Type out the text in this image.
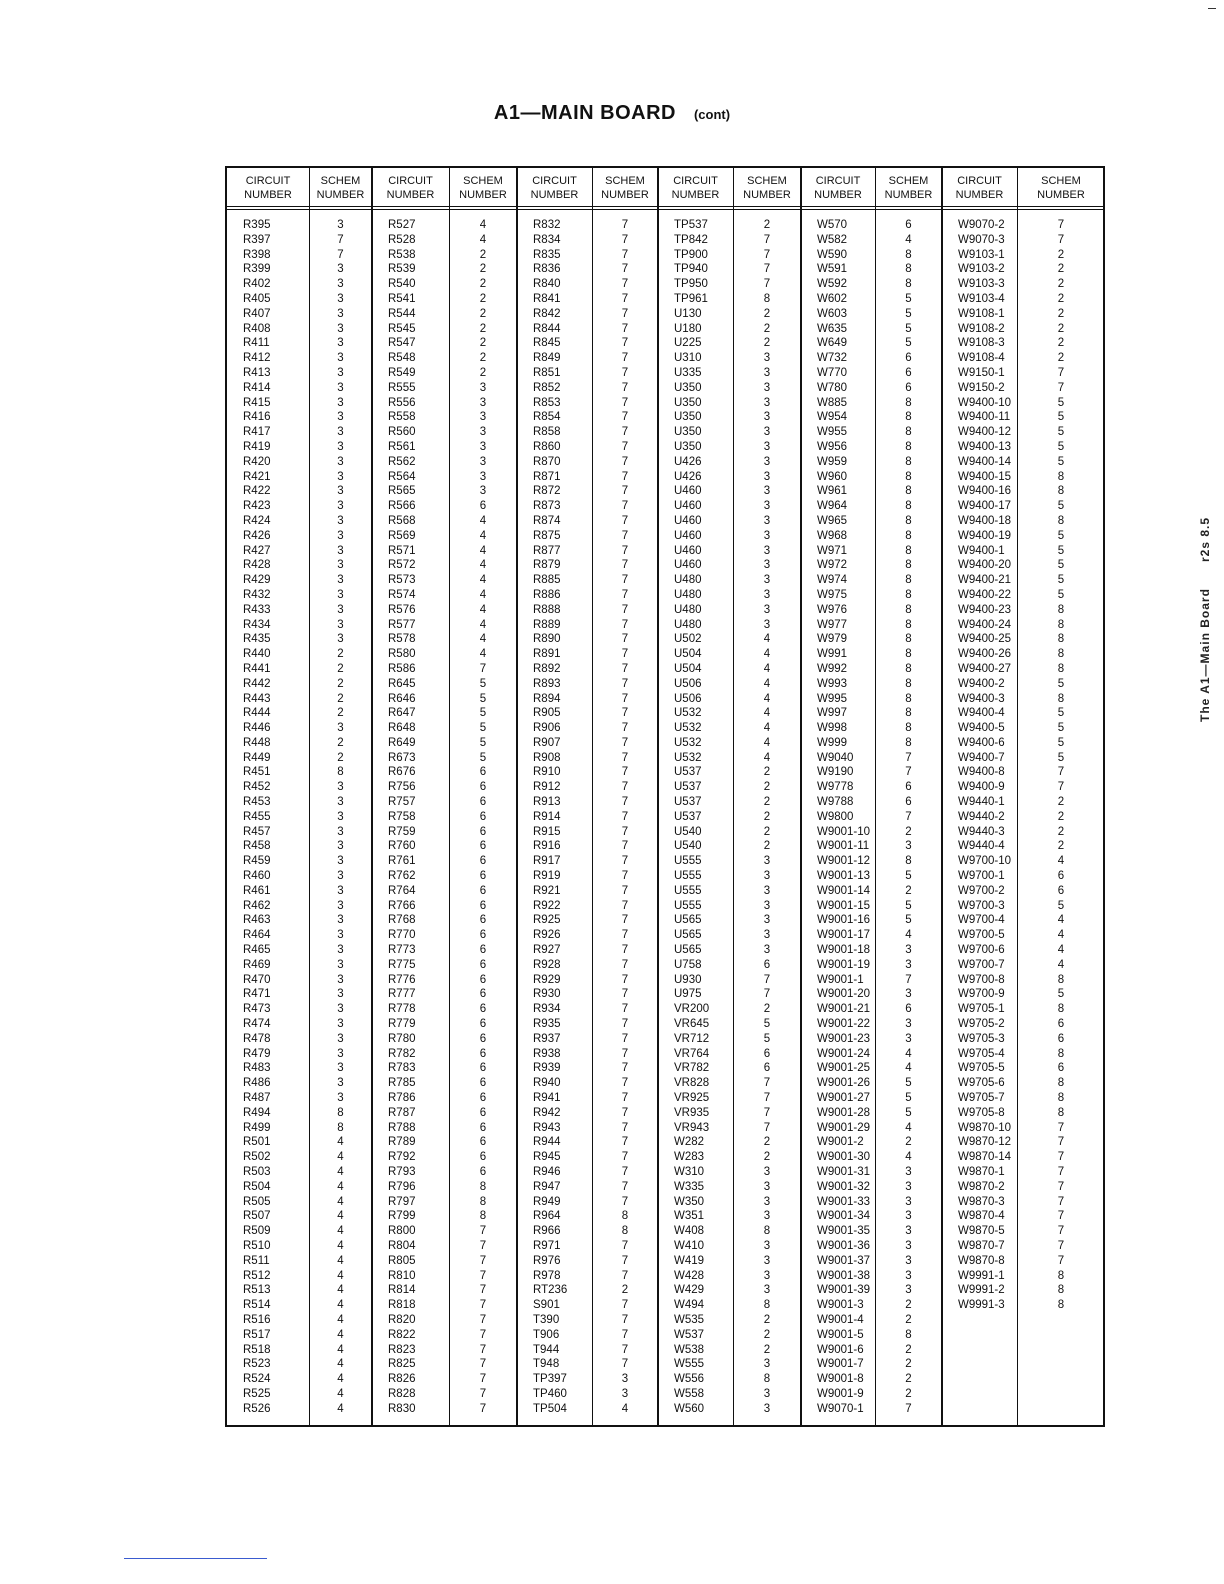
A1—MAIN BOARD (cont)
CIRCUIT
NUMBER
R395
R397
R398
R399
R402
R405
R407
R408
R411
R412
R413
R414
R415
R416
R417
R419
R420
R421
R422
R423
R424
R426
R427
R428
R429
R432
R433
R434
R435
R440
R441
R442
R443
R444
R446
R448
R449
R451
R452
R453
R455
R457
R458
R459
R460
R461
R462
R463
R464
R465
R469
R470
R471
R473
R474
R478
R479
R483
R486
R487
R494
R499
R501
R502
R503
R504
R505
R507
R509
R510
R511
R512
R513
R514
R516
R517
R518
R523
R524
R525
R526
SCHEM
NUMBER
3
7
7
3
3
3
3
3
3
3
3
3
3
3
3
3
3
3
3
3
3
3
3
3
3
3
3
3
3
2
2
2
2
2
3
2
2
8
3
3
3
3
3
3
3
3
3
3
3
3
3
3
3
3
3
3
3
3
3
3
8
8
4
4
4
4
4
4
4
4
4
4
4
4
4
4
4
4
4
4
4
CIRCUIT
NUMBER
R527
R528
R538
R539
R540
R541
R544
R545
R547
R548
R549
R555
R556
R558
R560
R561
R562
R564
R565
R566
R568
R569
R571
R572
R573
R574
R576
R577
R578
R580
R586
R645
R646
R647
R648
R649
R673
R676
R756
R757
R758
R759
R760
R761
R762
R764
R766
R768
R770
R773
R775
R776
R777
R778
R779
R780
R782
R783
R785
R786
R787
R788
R789
R792
R793
R796
R797
R799
R800
R804
R805
R810
R814
R818
R820
R822
R823
R825
R826
R828
R830
SCHEM
NUMBER
4
4
2
2
2
2
2
2
2
2
2
3
3
3
3
3
3
3
3
6
4
4
4
4
4
4
4
4
4
4
7
5
5
5
5
5
5
6
6
6
6
6
6
6
6
6
6
6
6
6
6
6
6
6
6
6
6
6
6
6
6
6
6
6
6
8
8
8
7
7
7
7
7
7
7
7
7
7
7
7
7
CIRCUIT
NUMBER
R832
R834
R835
R836
R840
R841
R842
R844
R845
R849
R851
R852
R853
R854
R858
R860
R870
R871
R872
R873
R874
R875
R877
R879
R885
R886
R888
R889
R890
R891
R892
R893
R894
R905
R906
R907
R908
R910
R912
R913
R914
R915
R916
R917
R919
R921
R922
R925
R926
R927
R928
R929
R930
R934
R935
R937
R938
R939
R940
R941
R942
R943
R944
R945
R946
R947
R949
R964
R966
R971
R976
R978
RT236
S901
T390
T906
T944
T948
TP397
TP460
TP504
SCHEM
NUMBER
7
7
7
7
7
7
7
7
7
7
7
7
7
7
7
7
7
7
7
7
7
7
7
7
7
7
7
7
7
7
7
7
7
7
7
7
7
7
7
7
7
7
7
7
7
7
7
7
7
7
7
7
7
7
7
7
7
7
7
7
7
7
7
7
7
7
7
8
8
7
7
7
2
7
7
7
7
7
3
3
4
CIRCUIT
NUMBER
TP537
TP842
TP900
TP940
TP950
TP961
U130
U180
U225
U310
U335
U350
U350
U350
U350
U350
U426
U426
U460
U460
U460
U460
U460
U460
U480
U480
U480
U480
U502
U504
U504
U506
U506
U532
U532
U532
U532
U537
U537
U537
U537
U540
U540
U555
U555
U555
U555
U565
U565
U565
U758
U930
U975
VR200
VR645
VR712
VR764
VR782
VR828
VR925
VR935
VR943
W282
W283
W310
W335
W350
W351
W408
W410
W419
W428
W429
W494
W535
W537
W538
W555
W556
W558
W560
SCHEM
NUMBER
2
7
7
7
7
8
2
2
2
3
3
3
3
3
3
3
3
3
3
3
3
3
3
3
3
3
3
3
4
4
4
4
4
4
4
4
4
2
2
2
2
2
2
3
3
3
3
3
3
3
6
7
7
2
5
5
6
6
7
7
7
7
2
2
3
3
3
3
8
3
3
3
3
8
2
2
2
3
8
3
3
CIRCUIT
NUMBER
W570
W582
W590
W591
W592
W602
W603
W635
W649
W732
W770
W780
W885
W954
W955
W956
W959
W960
W961
W964
W965
W968
W971
W972
W974
W975
W976
W977
W979
W991
W992
W993
W995
W997
W998
W999
W9040
W9190
W9778
W9788
W9800
W9001-10
W9001-11
W9001-12
W9001-13
W9001-14
W9001-15
W9001-16
W9001-17
W9001-18
W9001-19
W9001-1
W9001-20
W9001-21
W9001-22
W9001-23
W9001-24
W9001-25
W9001-26
W9001-27
W9001-28
W9001-29
W9001-2
W9001-30
W9001-31
W9001-32
W9001-33
W9001-34
W9001-35
W9001-36
W9001-37
W9001-38
W9001-39
W9001-3
W9001-4
W9001-5
W9001-6
W9001-7
W9001-8
W9001-9
W9070-1
SCHEM
NUMBER
6
4
8
8
8
5
5
5
5
6
6
6
8
8
8
8
8
8
8
8
8
8
8
8
8
8
8
8
8
8
8
8
8
8
8
8
7
7
6
6
7
2
3
8
5
2
5
5
4
3
3
7
3
6
3
3
4
4
5
5
5
4
2
4
3
3
3
3
3
3
3
3
3
2
2
8
2
2
2
2
7
CIRCUIT
NUMBER
W9070-2
W9070-3
W9103-1
W9103-2
W9103-3
W9103-4
W9108-1
W9108-2
W9108-3
W9108-4
W9150-1
W9150-2
W9400-10
W9400-11
W9400-12
W9400-13
W9400-14
W9400-15
W9400-16
W9400-17
W9400-18
W9400-19
W9400-1
W9400-20
W9400-21
W9400-22
W9400-23
W9400-24
W9400-25
W9400-26
W9400-27
W9400-2
W9400-3
W9400-4
W9400-5
W9400-6
W9400-7
W9400-8
W9400-9
W9440-1
W9440-2
W9440-3
W9440-4
W9700-10
W9700-1
W9700-2
W9700-3
W9700-4
W9700-5
W9700-6
W9700-7
W9700-8
W9700-9
W9705-1
W9705-2
W9705-3
W9705-4
W9705-5
W9705-6
W9705-7
W9705-8
W9870-10
W9870-12
W9870-14
W9870-1
W9870-2
W9870-3
W9870-4
W9870-5
W9870-7
W9870-8
W9991-1
W9991-2
W9991-3
SCHEM
NUMBER
7
7
2
2
2
2
2
2
2
2
7
7
5
5
5
5
5
8
8
5
8
5
5
5
5
5
8
8
8
8
8
5
8
5
5
5
5
7
7
2
2
2
2
4
6
6
5
4
4
4
4
8
5
8
6
6
8
6
8
8
8
7
7
7
7
7
7
7
7
7
7
8
8
8
The A1—Main Board      r2s 8.5
